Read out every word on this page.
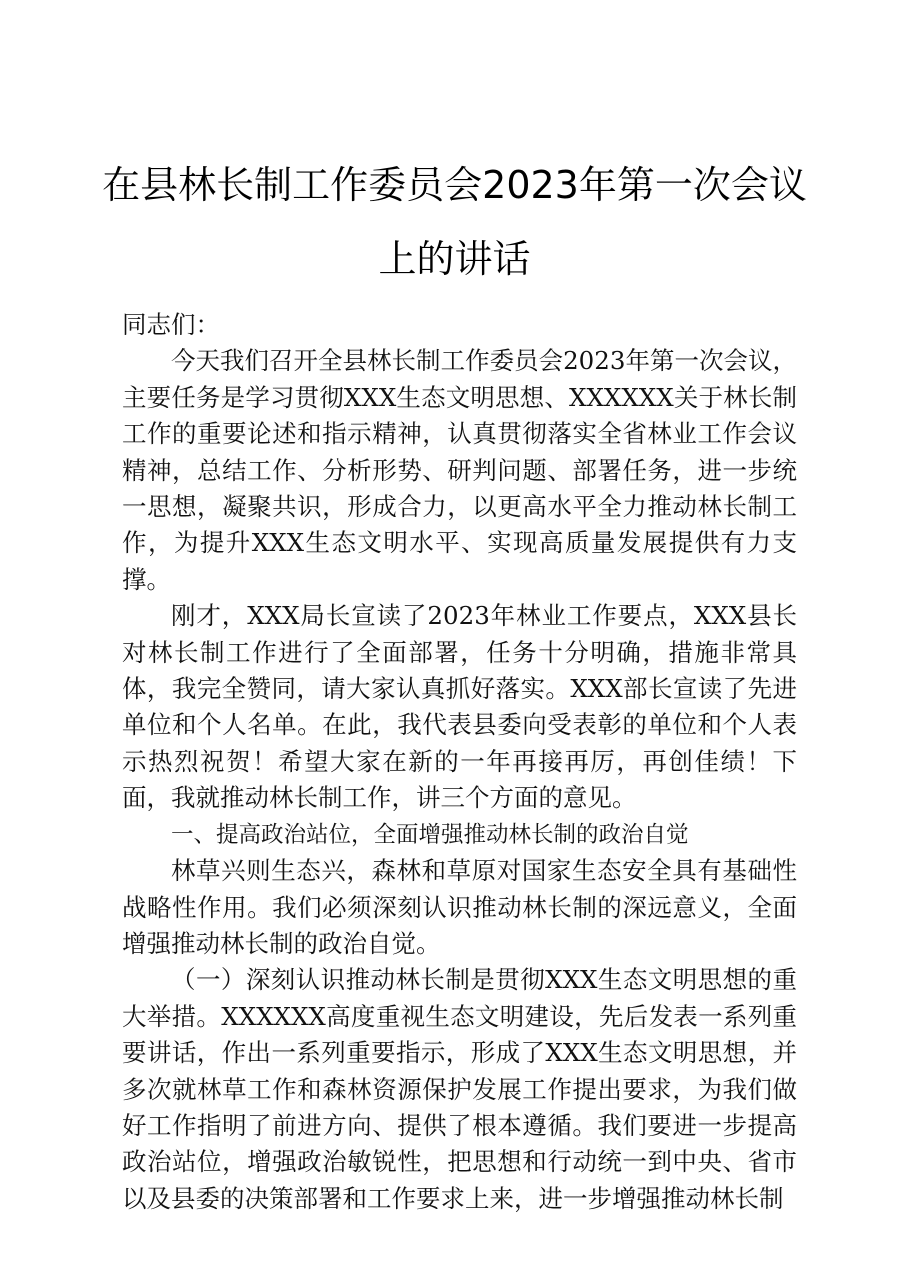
在县林长制工作委员会2023年第一次会议上的讲话

同志们：

今天我们召开全县林长制工作委员会2023年第一次会议，主要任务是学习贯彻XXX生态文明思想、XXXXXX关于林长制工作的重要论述和指示精神，认真贯彻落实全省林业工作会议精神，总结工作、分析形势、研判问题、部署任务，进一步统一思想，凝聚共识，形成合力，以更高水平全力推动林长制工作，为提升XXX生态文明水平、实现高质量发展提供有力支撑。

刚才，XXX局长宣读了2023年林业工作要点，XXX县长对林长制工作进行了全面部署，任务十分明确，措施非常具体，我完全赞同，请大家认真抓好落实。XXX部长宣读了先进单位和个人名单。在此，我代表县委向受表彰的单位和个人表示热烈祝贺！希望大家在新的一年再接再厉，再创佳绩！下面，我就推动林长制工作，讲三个方面的意见。

一、提高政治站位，全面增强推动林长制的政治自觉

林草兴则生态兴，森林和草原对国家生态安全具有基础性战略性作用。我们必须深刻认识推动林长制的深远意义，全面增强推动林长制的政治自觉。

（一）深刻认识推动林长制是贯彻XXX生态文明思想的重大举措。XXXXXX高度重视生态文明建设，先后发表一系列重要讲话，作出一系列重要指示，形成了XXX生态文明思想，并多次就林草工作和森林资源保护发展工作提出要求，为我们做好工作指明了前进方向、提供了根本遵循。我们要进一步提高政治站位，增强政治敏锐性，把思想和行动统一到中央、省市以及县委的决策部署和工作要求上来，进一步增强推动林长制
